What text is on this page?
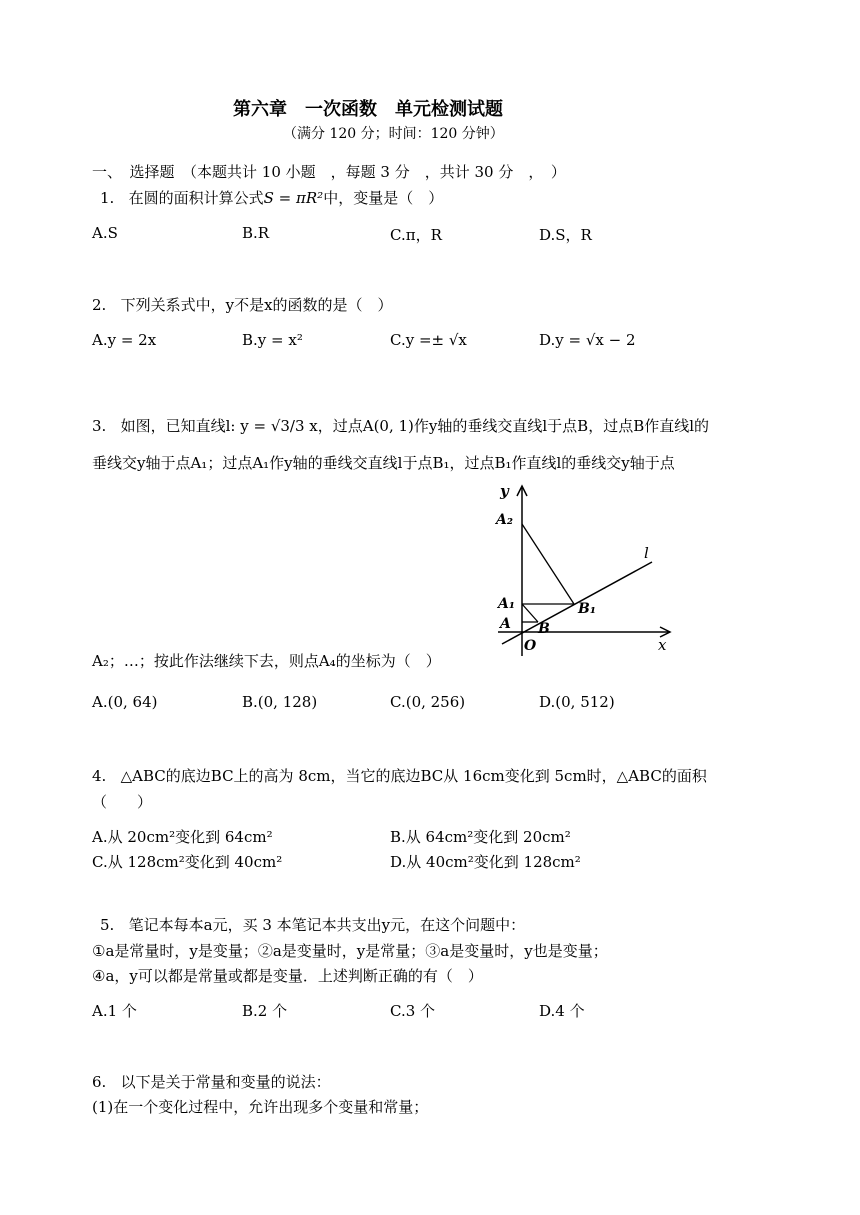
第六章　一次函数　单元检测试题
（满分 120 分；时间：120 分钟）
一、　选择题　（本题共计 10 小题　，每题 3 分　，共计 30 分　，　）
1. 在圆的面积计算公式S = πR²中，变量是（　）
A.S	B.R	C.π，R	D.S，R
2. 下列关系式中，y不是x的函数的是（　）
A.y = 2x	B.y = x²	C.y =± √x	D.y = √x − 2
3. 如图，已知直线l: y = √3/3 x，过点A(0, 1)作y轴的垂线交直线l于点B，过点B作直线l的
垂线交y轴于点A₁；过点A₁作y轴的垂线交直线l于点B₁，过点B₁作直线l的垂线交y轴于点
A₂；…；按此作法继续下去，则点A₄的坐标为（　）
y
x
O
l
A B
A₁	B₁
A₂
A.(0, 64)	B.(0, 128)	C.(0, 256)	D.(0, 512)
4. △ABC的底边BC上的高为 8cm，当它的底边BC从 16cm变化到 5cm时，△ABC的面积
（　　）
A.从 20cm²变化到 64cm²	B.从 64cm²变化到 20cm²
C.从 128cm²变化到 40cm²	D.从 40cm²变化到 128cm²
5. 笔记本每本a元，买 3 本笔记本共支出y元，在这个问题中：
①a是常量时，y是变量；②a是变量时，y是常量；③a是变量时，y也是变量；
④a，y可以都是常量或都是变量．上述判断正确的有（　）
A.1 个	B.2 个	C.3 个	D.4 个
6. 以下是关于常量和变量的说法：
(1)在一个变化过程中，允许出现多个变量和常量；
